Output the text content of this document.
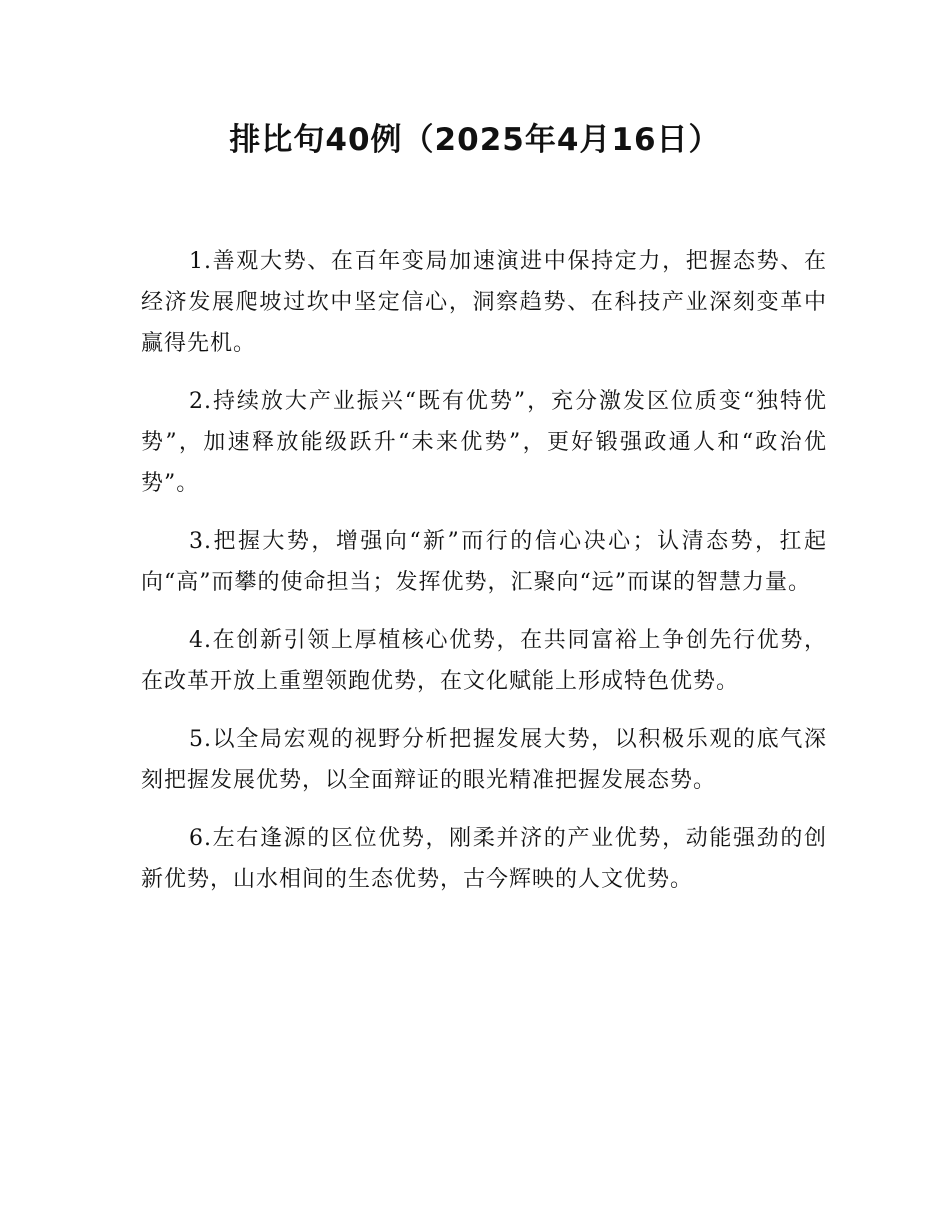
排比句40例（2025年4月16日）

1.善观大势、在百年变局加速演进中保持定力，把握态势、在经济发展爬坡过坎中坚定信心，洞察趋势、在科技产业深刻变革中赢得先机。

2.持续放大产业振兴“既有优势”，充分激发区位质变“独特优势”，加速释放能级跃升“未来优势”，更好锻强政通人和“政治优势”。

3.把握大势，增强向“新”而行的信心决心；认清态势，扛起向“高”而攀的使命担当；发挥优势，汇聚向“远”而谋的智慧力量。

4.在创新引领上厚植核心优势，在共同富裕上争创先行优势，在改革开放上重塑领跑优势，在文化赋能上形成特色优势。

5.以全局宏观的视野分析把握发展大势，以积极乐观的底气深刻把握发展优势，以全面辩证的眼光精准把握发展态势。

6.左右逢源的区位优势，刚柔并济的产业优势，动能强劲的创新优势，山水相间的生态优势，古今辉映的人文优势。
